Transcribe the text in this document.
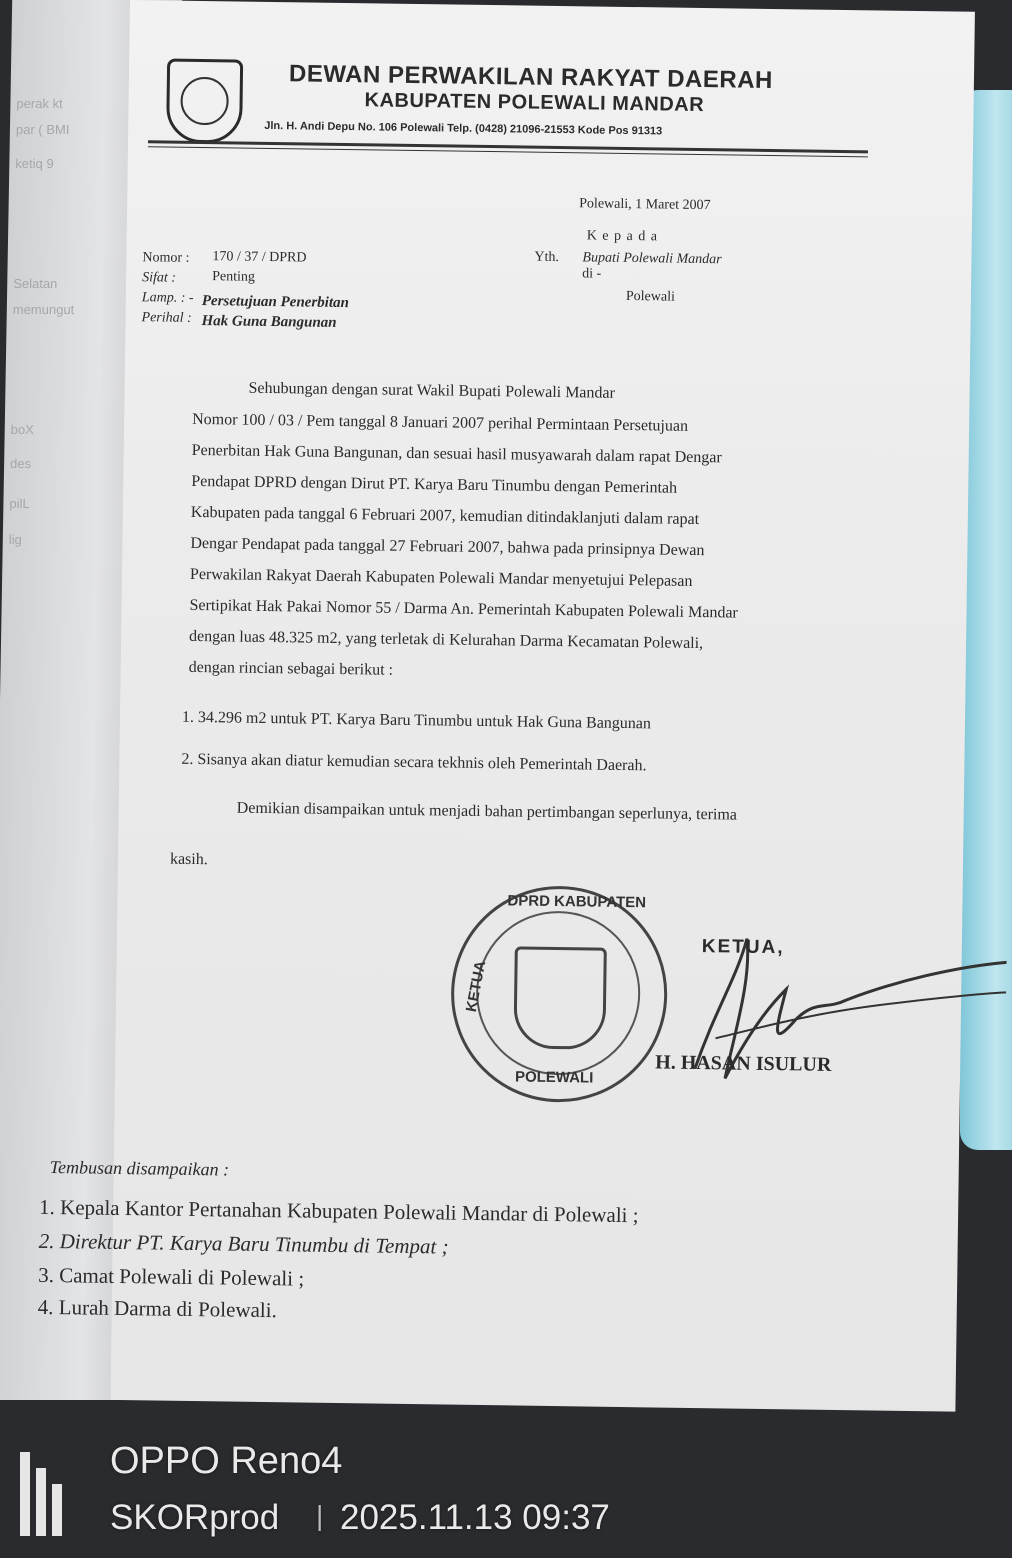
perak kt
par ( BMI
ketiq 9
Selatan
memungut
boX
des
pilL
lig
DEWAN PERWAKILAN RAKYAT DAERAH
KABUPATEN POLEWALI MANDAR
Jln. H. Andi Depu No. 106 Polewali Telp. (0428) 21096-21553 Kode Pos 91313
Polewali, 1 Maret 2007
K e p a d a
Yth. Bupati Polewali Mandar
di -
Polewali
Nomor : 170 / 37 / DPRD
Sifat :	Penting
Lamp. : -
Perihal :
Persetujuan Penerbitan
Hak Guna Bangunan
Sehubungan dengan surat Wakil Bupati Polewali Mandar
Nomor 100 / 03 / Pem tanggal 8 Januari 2007 perihal Permintaan Persetujuan
Penerbitan Hak Guna Bangunan, dan sesuai hasil musyawarah dalam rapat Dengar
Pendapat DPRD dengan Dirut PT. Karya Baru Tinumbu dengan Pemerintah
Kabupaten pada tanggal 6 Februari 2007, kemudian ditindaklanjuti dalam rapat
Dengar Pendapat pada tanggal 27 Februari 2007, bahwa pada prinsipnya Dewan
Perwakilan Rakyat Daerah Kabupaten Polewali Mandar menyetujui Pelepasan
Sertipikat Hak Pakai Nomor 55 / Darma An. Pemerintah Kabupaten Polewali Mandar
dengan luas 48.325 m2, yang terletak di Kelurahan Darma Kecamatan Polewali,
dengan rincian sebagai berikut :
1. 34.296 m2 untuk PT. Karya Baru Tinumbu untuk Hak Guna Bangunan
2. Sisanya akan diatur kemudian secara tekhnis oleh Pemerintah Daerah.
Demikian disampaikan untuk menjadi bahan pertimbangan seperlunya, terima
kasih.
DPRD KABUPATEN
KETUA
POLEWALI
KETUA,
H. HASAN ISULUR
Tembusan disampaikan :
1. Kepala Kantor Pertanahan Kabupaten Polewali Mandar di Polewali ;
2. Direktur PT. Karya Baru Tinumbu di Tempat ;
3. Camat Polewali di Polewali ;
4. Lurah Darma di Polewali.
OPPO Reno4
SKORprod | 2025.11.13 09:37
